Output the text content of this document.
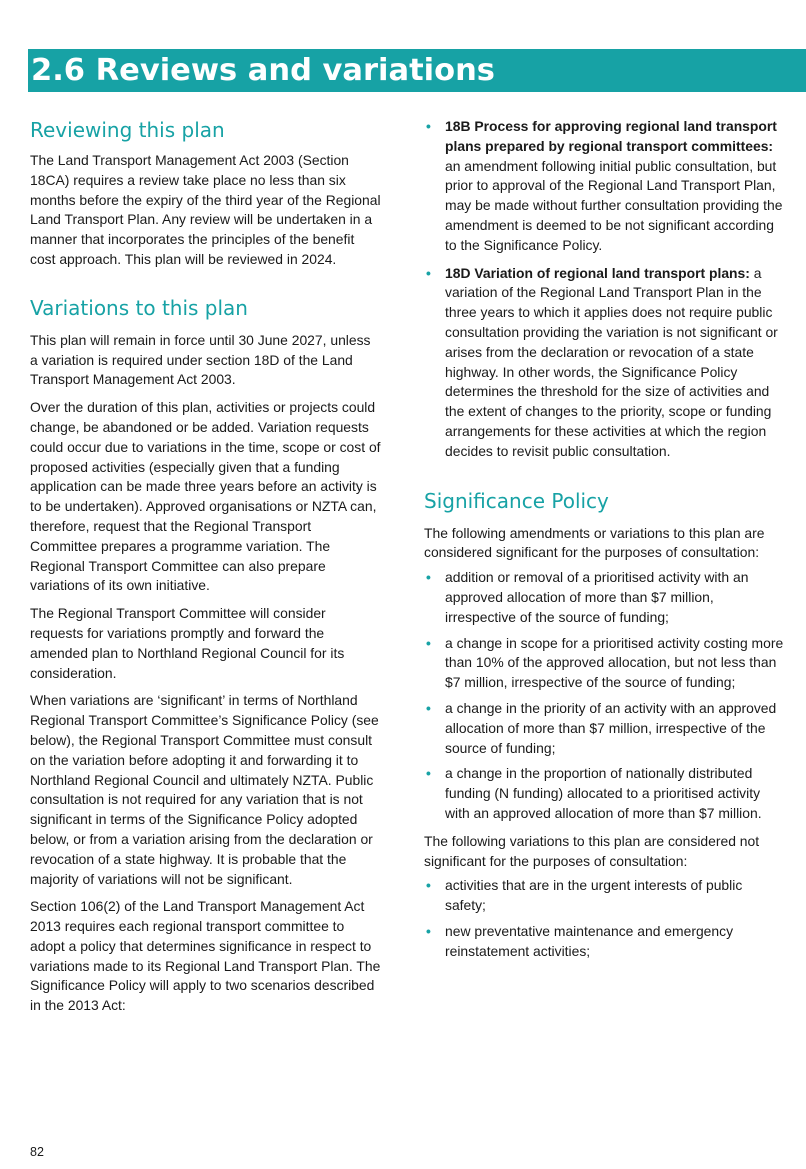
2.6 Reviews and variations
Reviewing this plan

The Land Transport Management Act 2003 (Section 18CA) requires a review take place no less than six months before the expiry of the third year of the Regional Land Transport Plan. Any review will be undertaken in a manner that incorporates the principles of the benefit cost approach. This plan will be reviewed in 2024.

Variations to this plan

This plan will remain in force until 30 June 2027, unless a variation is required under section 18D of the Land Transport Management Act 2003.

Over the duration of this plan, activities or projects could change, be abandoned or be added. Variation requests could occur due to variations in the time, scope or cost of proposed activities (especially given that a funding application can be made three years before an activity is to be undertaken). Approved organisations or NZTA can, therefore, request that the Regional Transport Committee prepares a programme variation. The Regional Transport Committee can also prepare variations of its own initiative.

The Regional Transport Committee will consider requests for variations promptly and forward the amended plan to Northland Regional Council for its consideration.

When variations are ‘significant’ in terms of Northland Regional Transport Committee’s Significance Policy (see below), the Regional Transport Committee must consult on the variation before adopting it and forwarding it to Northland Regional Council and ultimately NZTA. Public consultation is not required for any variation that is not significant in terms of the Significance Policy adopted below, or from a variation arising from the declaration or revocation of a state highway. It is probable that the majority of variations will not be significant.

Section 106(2) of the Land Transport Management Act 2013 requires each regional transport committee to adopt a policy that determines significance in respect to variations made to its Regional Land Transport Plan. The Significance Policy will apply to two scenarios described in the 2013 Act:

• 18B Process for approving regional land transport plans prepared by regional transport committees: an amendment following initial public consultation, but prior to approval of the Regional Land Transport Plan, may be made without further consultation providing the amendment is deemed to be not significant according to the Significance Policy.
• 18D Variation of regional land transport plans: a variation of the Regional Land Transport Plan in the three years to which it applies does not require public consultation providing the variation is not significant or arises from the declaration or revocation of a state highway. In other words, the Significance Policy determines the threshold for the size of activities and the extent of changes to the priority, scope or funding arrangements for these activities at which the region decides to revisit public consultation.
Significance Policy

The following amendments or variations to this plan are considered significant for the purposes of consultation:

• addition or removal of a prioritised activity with an approved allocation of more than $7 million, irrespective of the source of funding;
• a change in scope for a prioritised activity costing more than 10% of the approved allocation, but not less than $7 million, irrespective of the source of funding;
• a change in the priority of an activity with an approved allocation of more than $7 million, irrespective of the source of funding;
• a change in the proportion of nationally distributed funding (N funding) allocated to a prioritised activity with an approved allocation of more than $7 million.

The following variations to this plan are considered not significant for the purposes of consultation:

• activities that are in the urgent interests of public safety;
• new preventative maintenance and emergency reinstatement activities;
82
